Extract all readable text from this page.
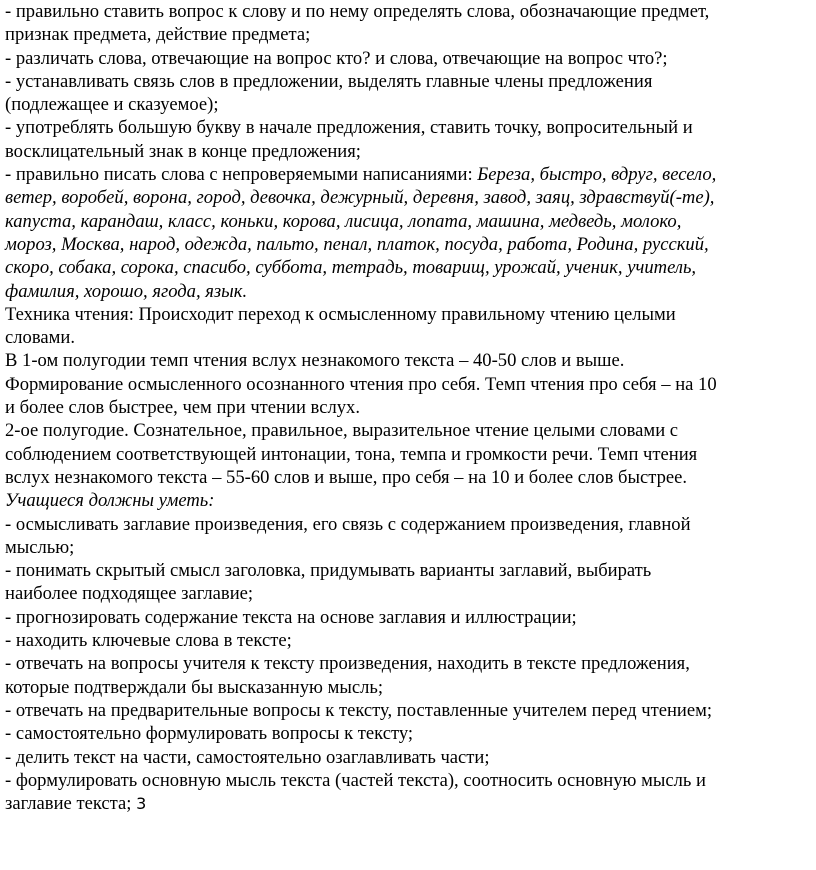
- правильно ставить вопрос к слову и по нему определять слова, обозначающие предмет,
признак предмета, действие предмета;
- различать слова, отвечающие на вопрос кто? и слова, отвечающие на вопрос что?;
- устанавливать связь слов в предложении, выделять главные члены предложения
(подлежащее и сказуемое);
- употреблять большую букву в начале предложения, ставить точку, вопросительный и
восклицательный знак в конце предложения;
- правильно писать слова с непроверяемыми написаниями: Береза, быстро, вдруг, весело,
ветер, воробей, ворона, город, девочка, дежурный, деревня, завод, заяц, здравствуй(-те),
капуста, карандаш, класс, коньки, корова, лисица, лопата, машина, медведь, молоко,
мороз, Москва, народ, одежда, пальто, пенал, платок, посуда, работа, Родина, русский,
скоро, собака, сорока, спасибо, суббота, тетрадь, товарищ, урожай, ученик, учитель,
фамилия, хорошо, ягода, язык.
Техника чтения: Происходит переход к осмысленному правильному чтению целыми
словами.
В 1-ом полугодии темп чтения вслух незнакомого текста – 40-50 слов и выше.
Формирование осмысленного осознанного чтения про себя. Темп чтения про себя – на 10
и более слов быстрее, чем при чтении вслух.
2-ое полугодие. Сознательное, правильное, выразительное чтение целыми словами с
соблюдением соответствующей интонации, тона, темпа и громкости речи. Темп чтения
вслух незнакомого текста – 55-60 слов и выше, про себя – на 10 и более слов быстрее.
Учащиеся должны уметь:
- осмысливать заглавие произведения, его связь с содержанием произведения, главной
мыслью;
- понимать скрытый смысл заголовка, придумывать варианты заглавий, выбирать
наиболее подходящее заглавие;
- прогнозировать содержание текста на основе заглавия и иллюстрации;
- находить ключевые слова в тексте;
- отвечать на вопросы учителя к тексту произведения, находить в тексте предложения,
которые подтверждали бы высказанную мысль;
- отвечать на предварительные вопросы к тексту, поставленные учителем перед чтением;
- самостоятельно формулировать вопросы к тексту;
- делить текст на части, самостоятельно озаглавливать части;
- формулировать основную мысль текста (частей текста), соотносить основную мысль и
заглавие текста; 3
